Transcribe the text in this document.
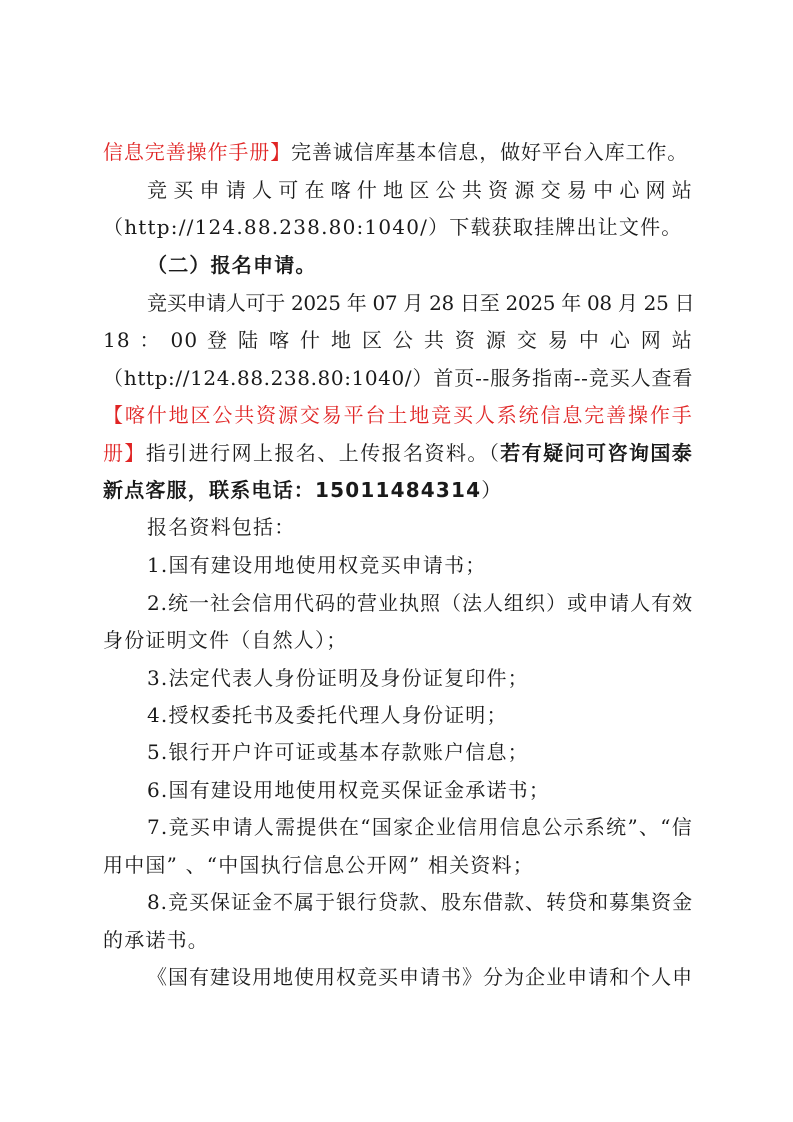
信息完善操作手册】完善诚信库基本信息，做好平台入库工作。
竞买申请人可在喀什地区公共资源交易中心网站
（http://124.88.238.80:1040/）下载获取挂牌出让文件。
（二）报名申请。
竞买申请人可于 2025 年 07 月 28 日至 2025 年 08 月 25 日
18 ： 00 登 陆 喀 什 地 区 公 共 资 源 交 易 中 心 网 站
（http://124.88.238.80:1040/）首页--服务指南--竞买人查看
【喀什地区公共资源交易平台土地竞买人系统信息完善操作手
册】指引进行网上报名、上传报名资料。（若有疑问可咨询国泰
新点客服，联系电话：15011484314）
报名资料包括：
1.国有建设用地使用权竞买申请书；
2.统一社会信用代码的营业执照（法人组织）或申请人有效
身份证明文件（自然人）；
3.法定代表人身份证明及身份证复印件；
4.授权委托书及委托代理人身份证明；
5.银行开户许可证或基本存款账户信息；
6.国有建设用地使用权竞买保证金承诺书；
7.竞买申请人需提供在“国家企业信用信息公示系统”、“信
用中国” 、“中国执行信息公开网” 相关资料；
8.竞买保证金不属于银行贷款、股东借款、转贷和募集资金
的承诺书。
《国有建设用地使用权竞买申请书》分为企业申请和个人申
